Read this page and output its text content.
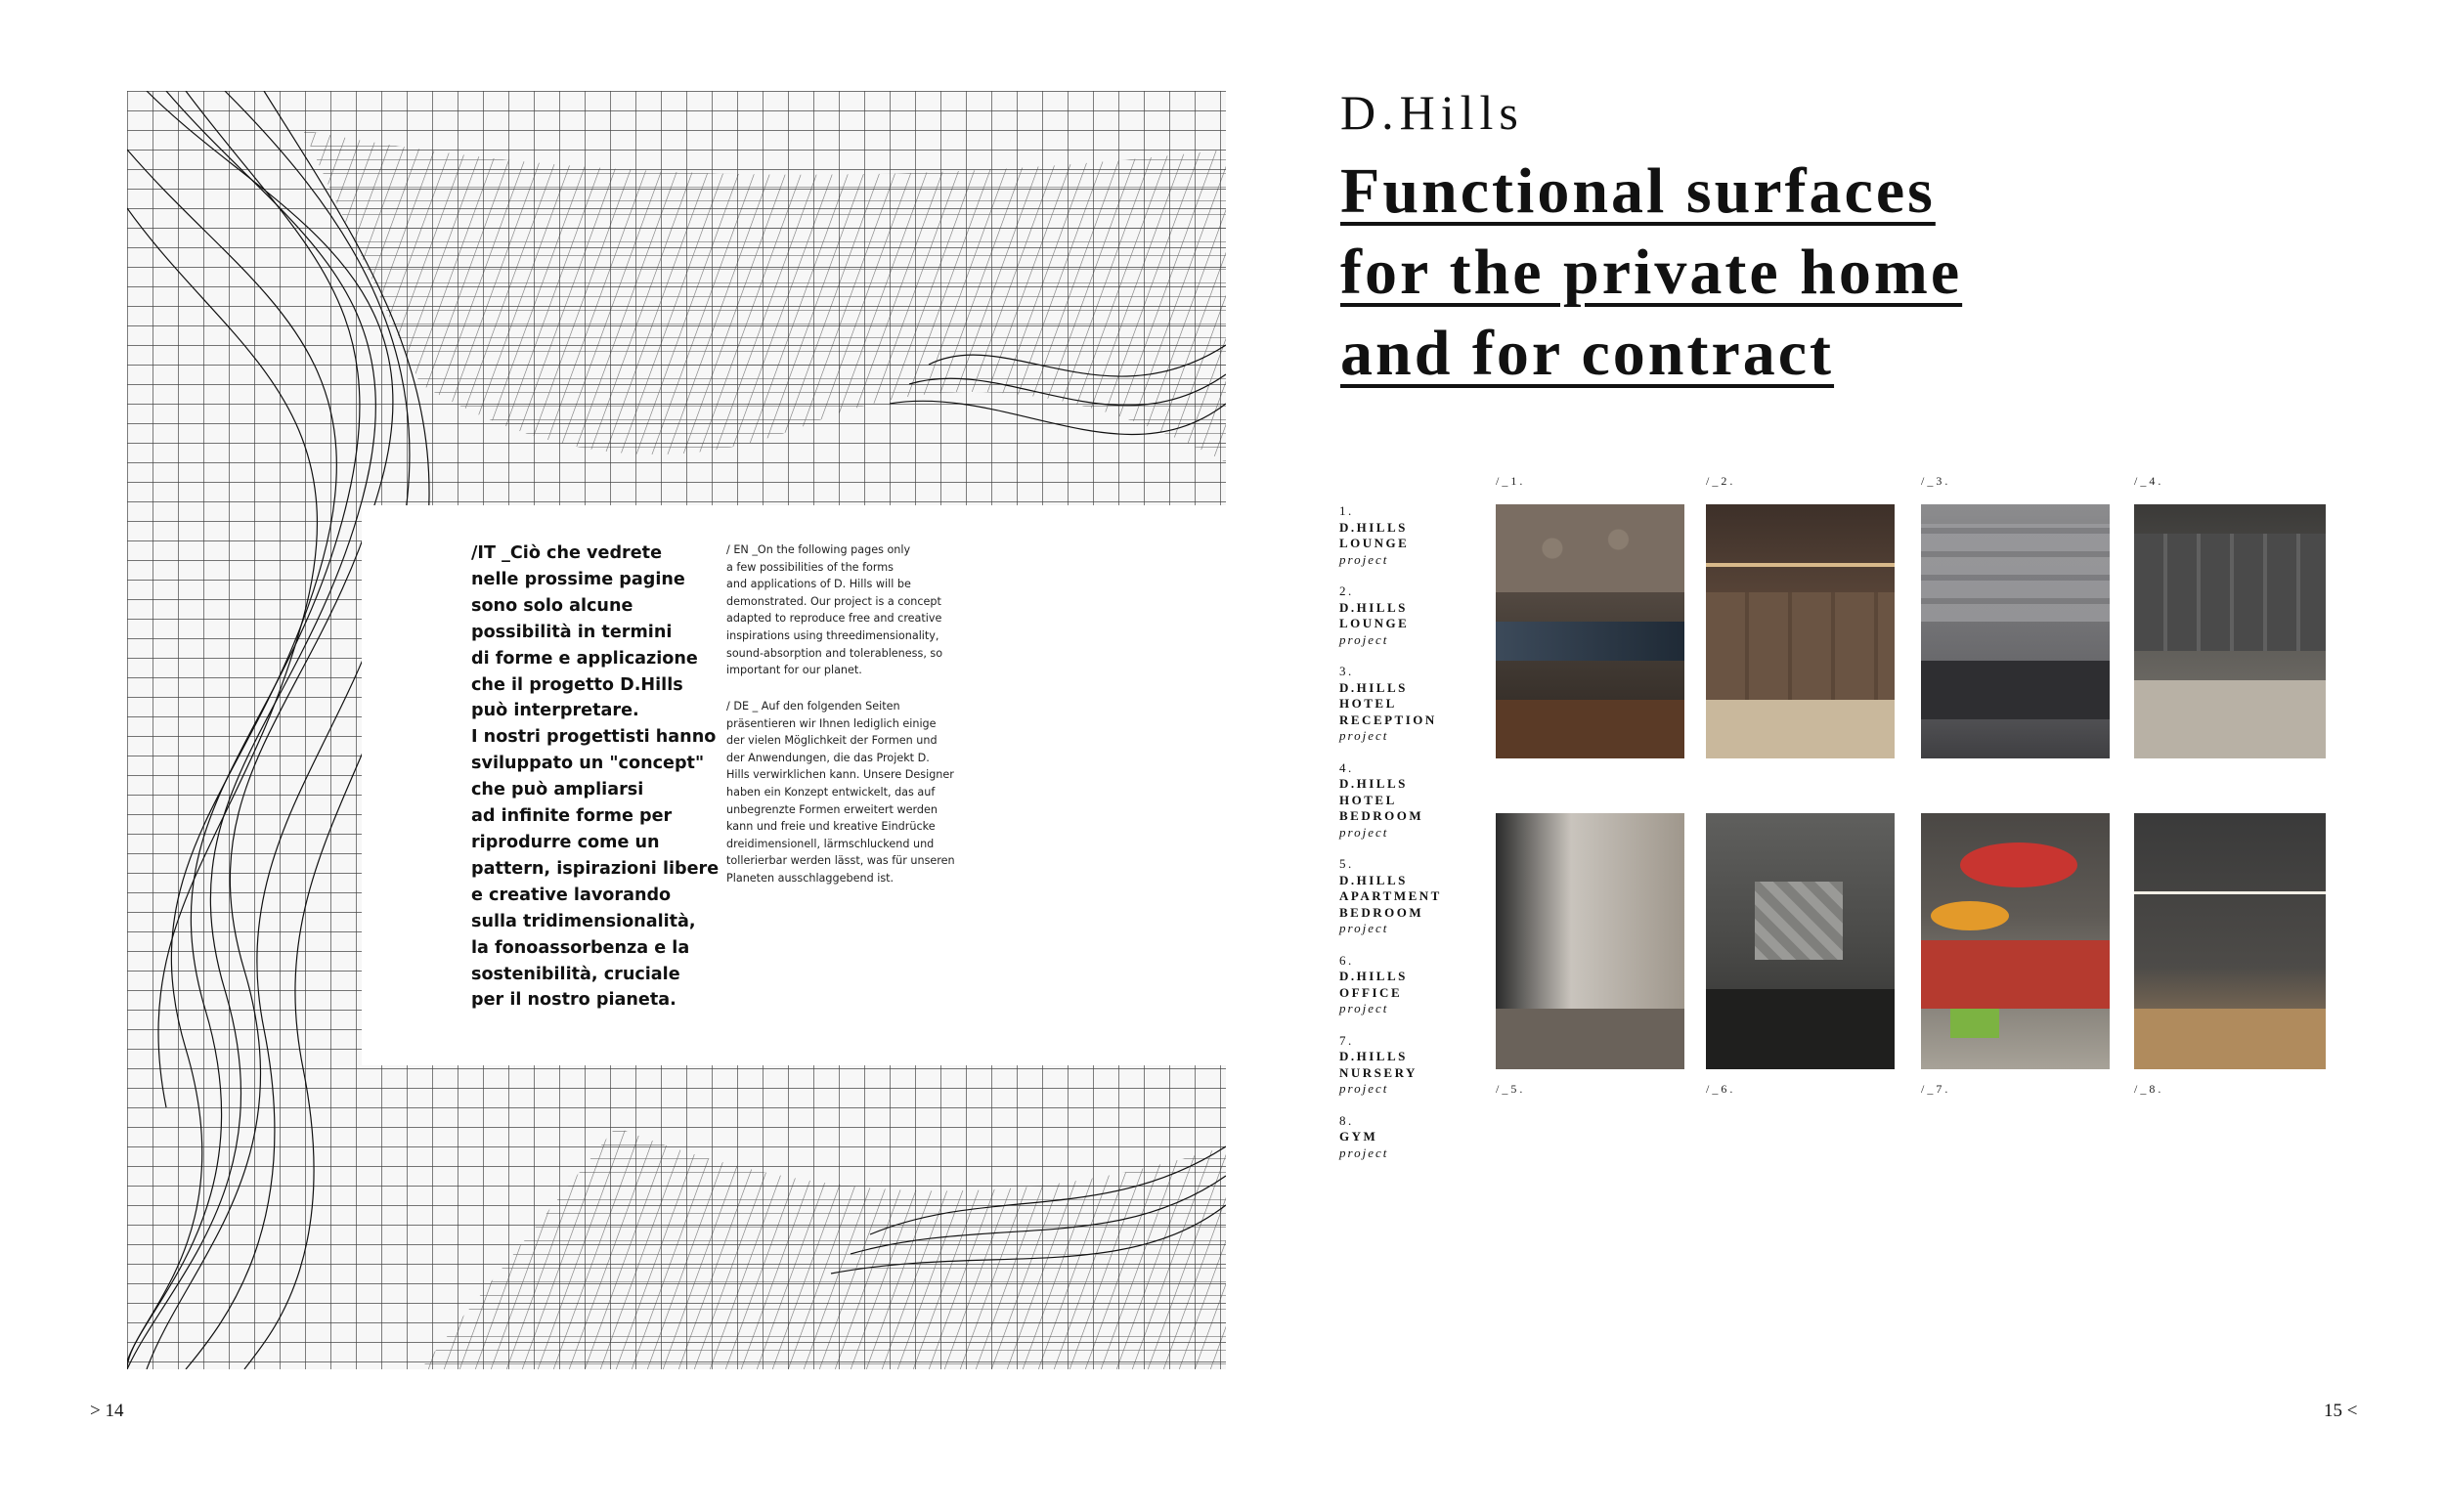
/IT _Ciò che vedrete
nelle prossime pagine
sono solo alcune
possibilità in termini
di forme e applicazione
che il progetto D.Hills
può interpretare.
I nostri progettisti hanno
sviluppato un "concept"
che può ampliarsi
ad infinite forme per
riprodurre come un
pattern, ispirazioni libere
e creative lavorando
sulla tridimensionalità,
la fonoassorbenza e la
sostenibilità, cruciale
per il nostro pianeta.
/ EN _On the following pages only
a few possibilities of the forms
and applications of D. Hills will be
demonstrated. Our project is a concept
adapted to reproduce free and creative
inspirations using threedimensionality,
sound-absorption and tolerableness, so
important for our planet.
/ DE _ Auf den folgenden Seiten
präsentieren wir Ihnen lediglich einige
der vielen Möglichkeit der Formen und
der Anwendungen, die das Projekt D.
Hills verwirklichen kann. Unsere Designer
haben ein Konzept entwickelt, das auf
unbegrenzte Formen erweitert werden
kann und freie und kreative Eindrücke
dreidimensionell, lärmschluckend und
tollerierbar werden lässt, was für unseren
Planeten ausschlaggebend ist.
> 14
D.Hills
Functional surfaces
for the private home
and for contract
1.
D.HILLS
LOUNGE
project
2.
D.HILLS
LOUNGE
project
3.
D.HILLS
HOTEL
RECEPTION
project
4.
D.HILLS
HOTEL
BEDROOM
project
5.
D.HILLS
APARTMENT
BEDROOM
project
6.
D.HILLS
OFFICE
project
7.
D.HILLS
NURSERY
project
8.
GYM
project
/_1.	/_2.	/_3.	/_4.
/_5.	/_6.	/_7.	/_8.
15 <
